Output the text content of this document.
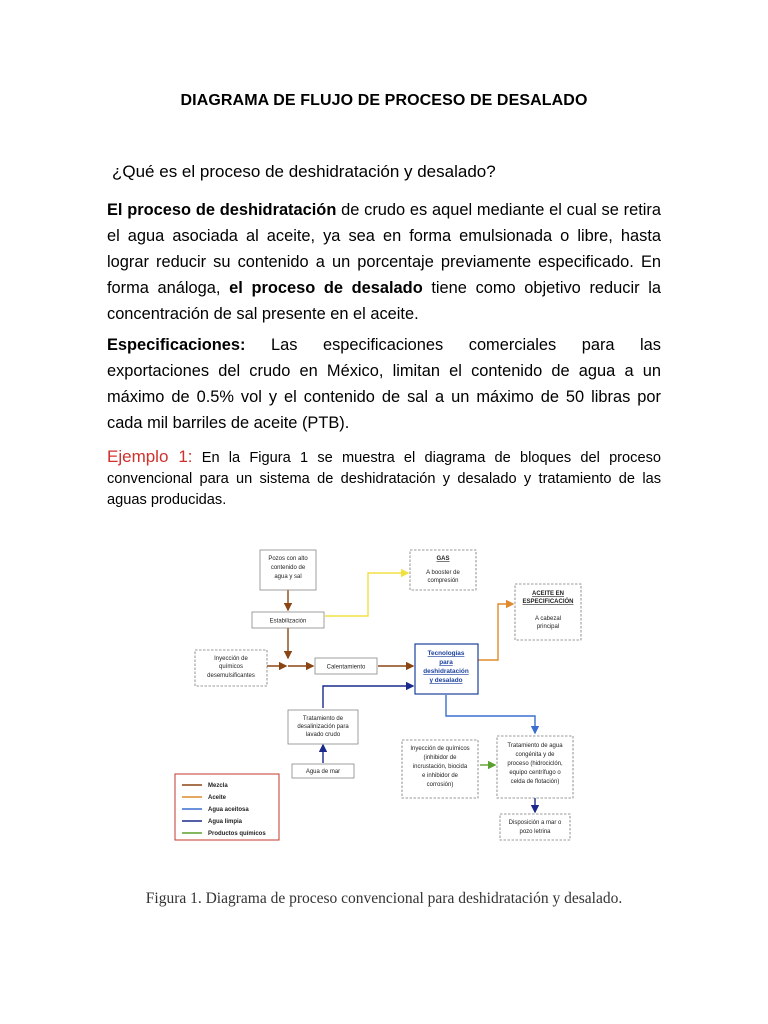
DIAGRAMA DE FLUJO DE PROCESO DE DESALADO
¿Qué es el proceso de deshidratación y desalado?
El proceso de deshidratación de crudo es aquel mediante el cual se retira el agua asociada al aceite, ya sea en forma emulsionada o libre, hasta lograr reducir su contenido a un porcentaje previamente especificado. En forma análoga, el proceso de desalado tiene como objetivo reducir la concentración de sal presente en el aceite.
Especificaciones: Las especificaciones comerciales para las exportaciones del crudo en México, limitan el contenido de agua a un máximo de 0.5% vol y el contenido de sal a un máximo de 50 libras por cada mil barriles de aceite (PTB).
Ejemplo 1: En la Figura 1 se muestra el diagrama de bloques del proceso convencional para un sistema de deshidratación y desalado y tratamiento de las aguas producidas.
Pozos con alto
contenido de
agua y sal
GAS
A booster de
compresión
ACEITE EN
ESPECIFICACIÓN
A cabezal
principal
Estabilización
Inyección de
químicos
desemulsificantes
Calentamiento
Tecnologías
para
deshidratación
y desalado
Tratamiento de
desalinización para
lavado crudo
Agua de mar
Inyección de químicos
(inhibidor de
incrustación, biocida
e inhibidor de
corrosión)
Tratamiento de agua
congénita y de
proceso (hidrociclón,
equipo centrífugo o
celda de flotación)
Disposición a mar o
pozo letrina
Mezcla
Aceite
Agua aceitosa
Agua limpia
Productos químicos
Figura 1. Diagrama de proceso convencional para deshidratación y desalado.
